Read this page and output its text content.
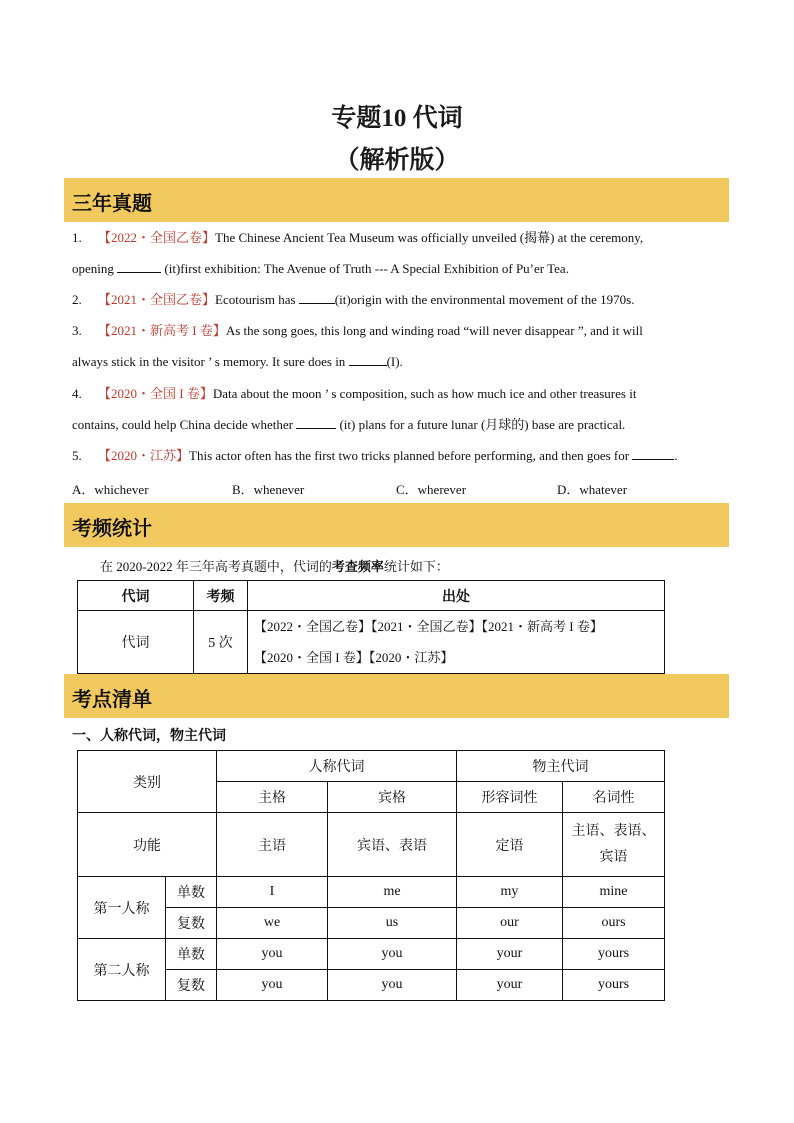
专题10 代词
（解析版）
三年真题
1. 【2022・全国乙卷】The Chinese Ancient Tea Museum was officially unveiled (揭幕) at the ceremony,
opening	(it)first exhibition: The Avenue of Truth --- A Special Exhibition of Pu’er Tea.
2. 【2021・全国乙卷】Ecotourism has	(it)origin with the environmental movement of the 1970s.
3. 【2021・新高考 I 卷】As the song goes, this long and winding road “will never disappear ”, and it will
always stick in the visitor ’ s memory. It sure does in	(I).
4. 【2020・全国 I 卷】Data about the moon ’ s composition, such as how much ice and other treasures it
contains, could help China decide whether	(it) plans for a future lunar (月球的) base are practical.
5. 【2020・江苏】This actor often has the first two tricks planned before performing, and then goes for	.
A．whichever	B．whenever	C．wherever	D．whatever
考频统计
在 2020-2022 年三年高考真题中，代词的考查频率统计如下：
代词	考频	出处
代词	5 次	【2022・全国乙卷】【2021・全国乙卷】【2021・新高考 I 卷】
【2020・全国 I 卷】【2020・江苏】
考点清单
一、人称代词，物主代词
类别		人称代词		物主代词	
		主格	宾格	形容词性	名词性
功能		主语	宾语、表语	定语	主语、表语、宾语
第一人称	单数	I	me	my	mine
	复数	we	us	our	ours
第二人称	单数	you	you	your	yours
	复数	you	you	your	yours
